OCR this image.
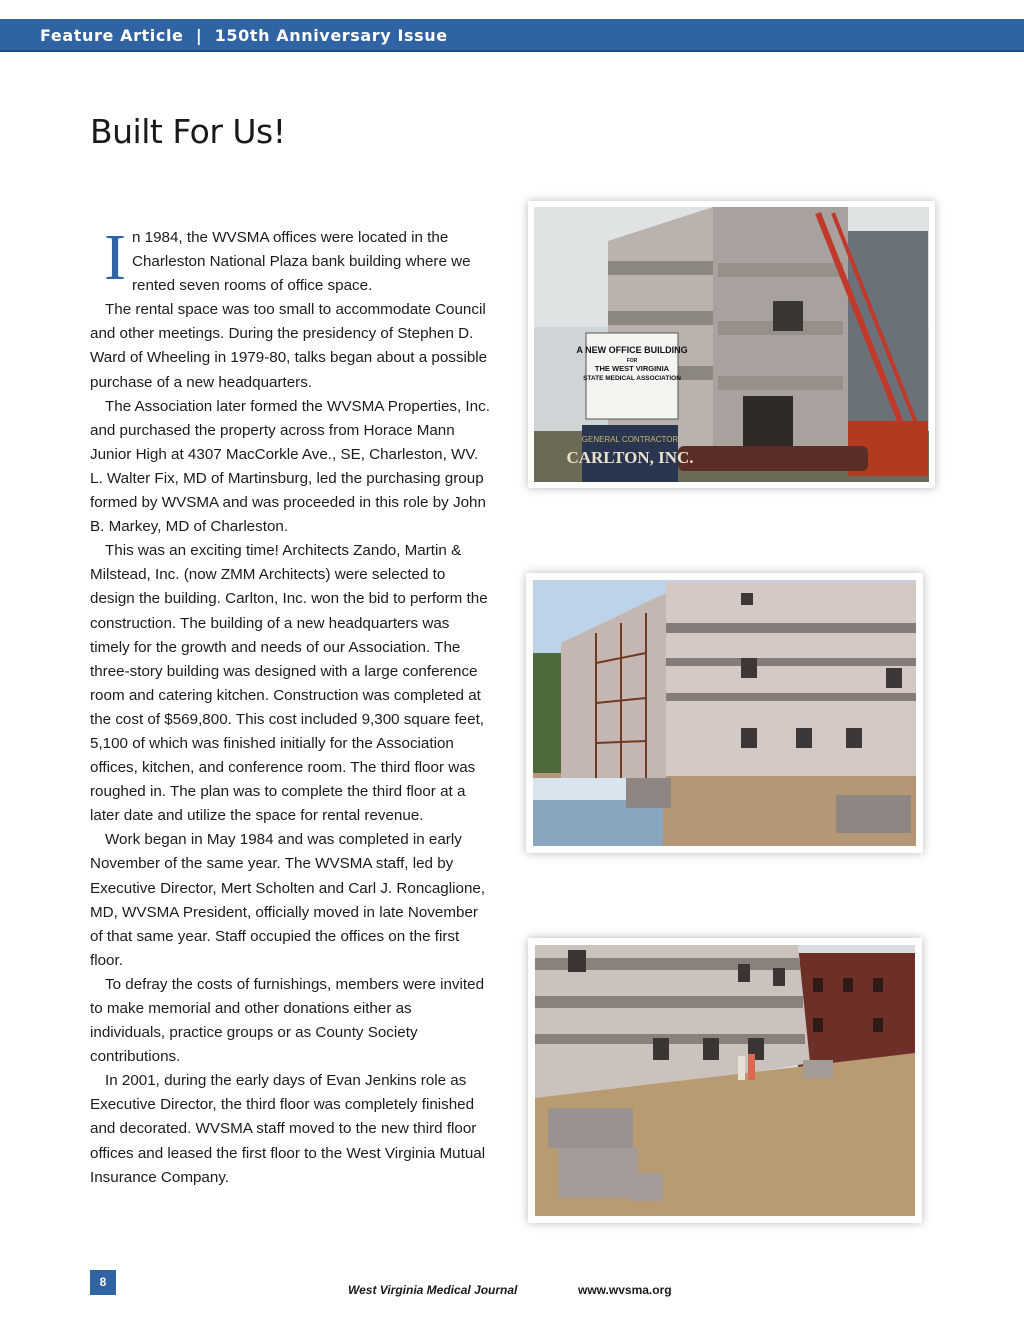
Feature Article  |  150th Anniversary Issue
Built For Us!

In 1984, the WVSMA offices were located in the Charleston National Plaza bank building where we rented seven rooms of office space.

The rental space was too small to accommodate Council and other meetings. During the presidency of Stephen D. Ward of Wheeling in 1979-80, talks began about a possible purchase of a new headquarters.

The Association later formed the WVSMA Properties, Inc. and purchased the property across from Horace Mann Junior High at 4307 MacCorkle Ave., SE, Charleston, WV. L. Walter Fix, MD of Martinsburg, led the purchasing group formed by WVSMA and was proceeded in this role by John B. Markey, MD of Charleston.

This was an exciting time! Architects Zando, Martin & Milstead, Inc. (now ZMM Architects) were selected to design the building. Carlton, Inc. won the bid to perform the construction. The building of a new headquarters was timely for the growth and needs of our Association. The three-story building was designed with a large conference room and catering kitchen. Construction was completed at the cost of $569,800. This cost included 9,300 square feet, 5,100 of which was finished initially for the Association offices, kitchen, and conference room. The third floor was roughed in. The plan was to complete the third floor at a later date and utilize the space for rental revenue.

Work began in May 1984 and was completed in early November of the same year. The WVSMA staff, led by Executive Director, Mert Scholten and Carl J. Roncaglione, MD, WVSMA President, officially moved in late November of that same year. Staff occupied the offices on the first floor.

To defray the costs of furnishings, members were invited to make memorial and other donations either as individuals, practice groups or as County Society contributions.

In 2001, during the early days of Evan Jenkins role as Executive Director, the third floor was completely finished and decorated. WVSMA staff moved to the new third floor offices and leased the first floor to the West Virginia Mutual Insurance Company.

A NEW OFFICE BUILDING
FOR
THE WEST VIRGINIA
STATE MEDICAL ASSOCIATION
GENERAL CONTRACTOR
CARLTON, INC.
8
West Virginia Medical Journal	www.wvsma.org
